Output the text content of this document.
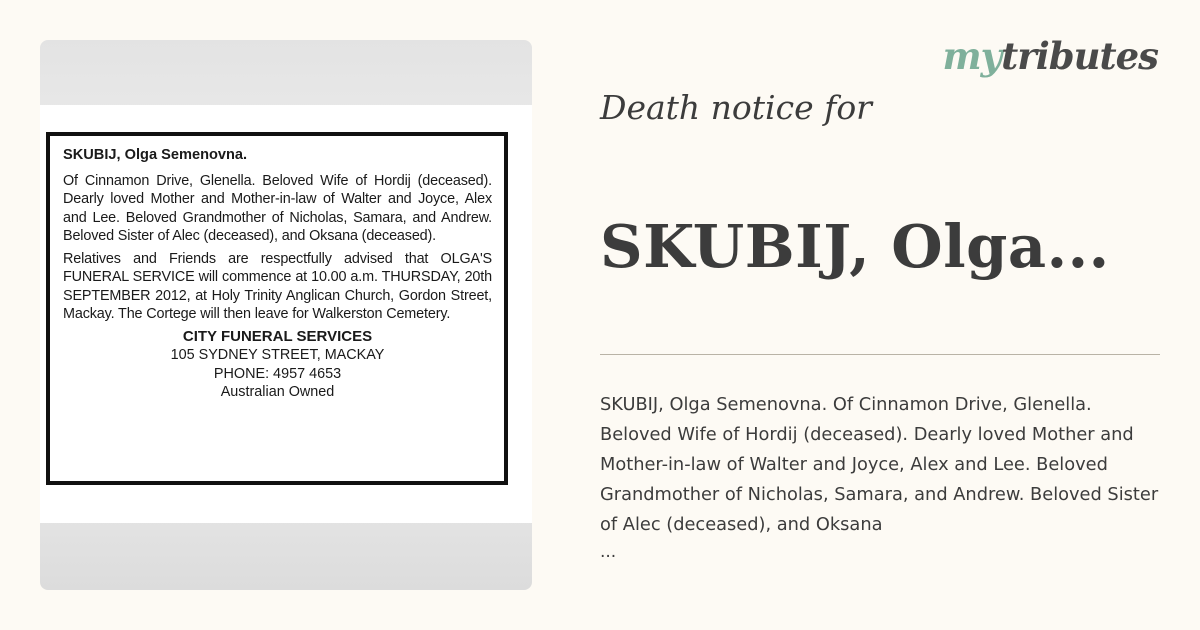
SKUBIJ, Olga Semenovna.

Of Cinnamon Drive, Glenella. Beloved Wife of Hordij (deceased). Dearly loved Mother and Mother-in-law of Walter and Joyce, Alex and Lee. Beloved Grandmother of Nicholas, Samara, and Andrew. Beloved Sister of Alec (deceased), and Oksana (deceased).

Relatives and Friends are respectfully advised that OLGA'S FUNERAL SERVICE will commence at 10.00 a.m. THURSDAY, 20th SEPTEMBER 2012, at Holy Trinity Anglican Church, Gordon Street, Mackay. The Cortege will then leave for Walkerston Cemetery.

CITY FUNERAL SERVICES
105 SYDNEY STREET, MACKAY
PHONE: 4957 4653
Australian Owned
mytributes
Death notice for
SKUBIJ, Olga...

SKUBIJ, Olga Semenovna. Of Cinnamon Drive, Glenella. Beloved Wife of Hordij (deceased). Dearly loved Mother and Mother-in-law of Walter and Joyce, Alex and Lee. Beloved Grandmother of Nicholas, Samara, and Andrew. Beloved Sister of Alec (deceased), and Oksana

...
